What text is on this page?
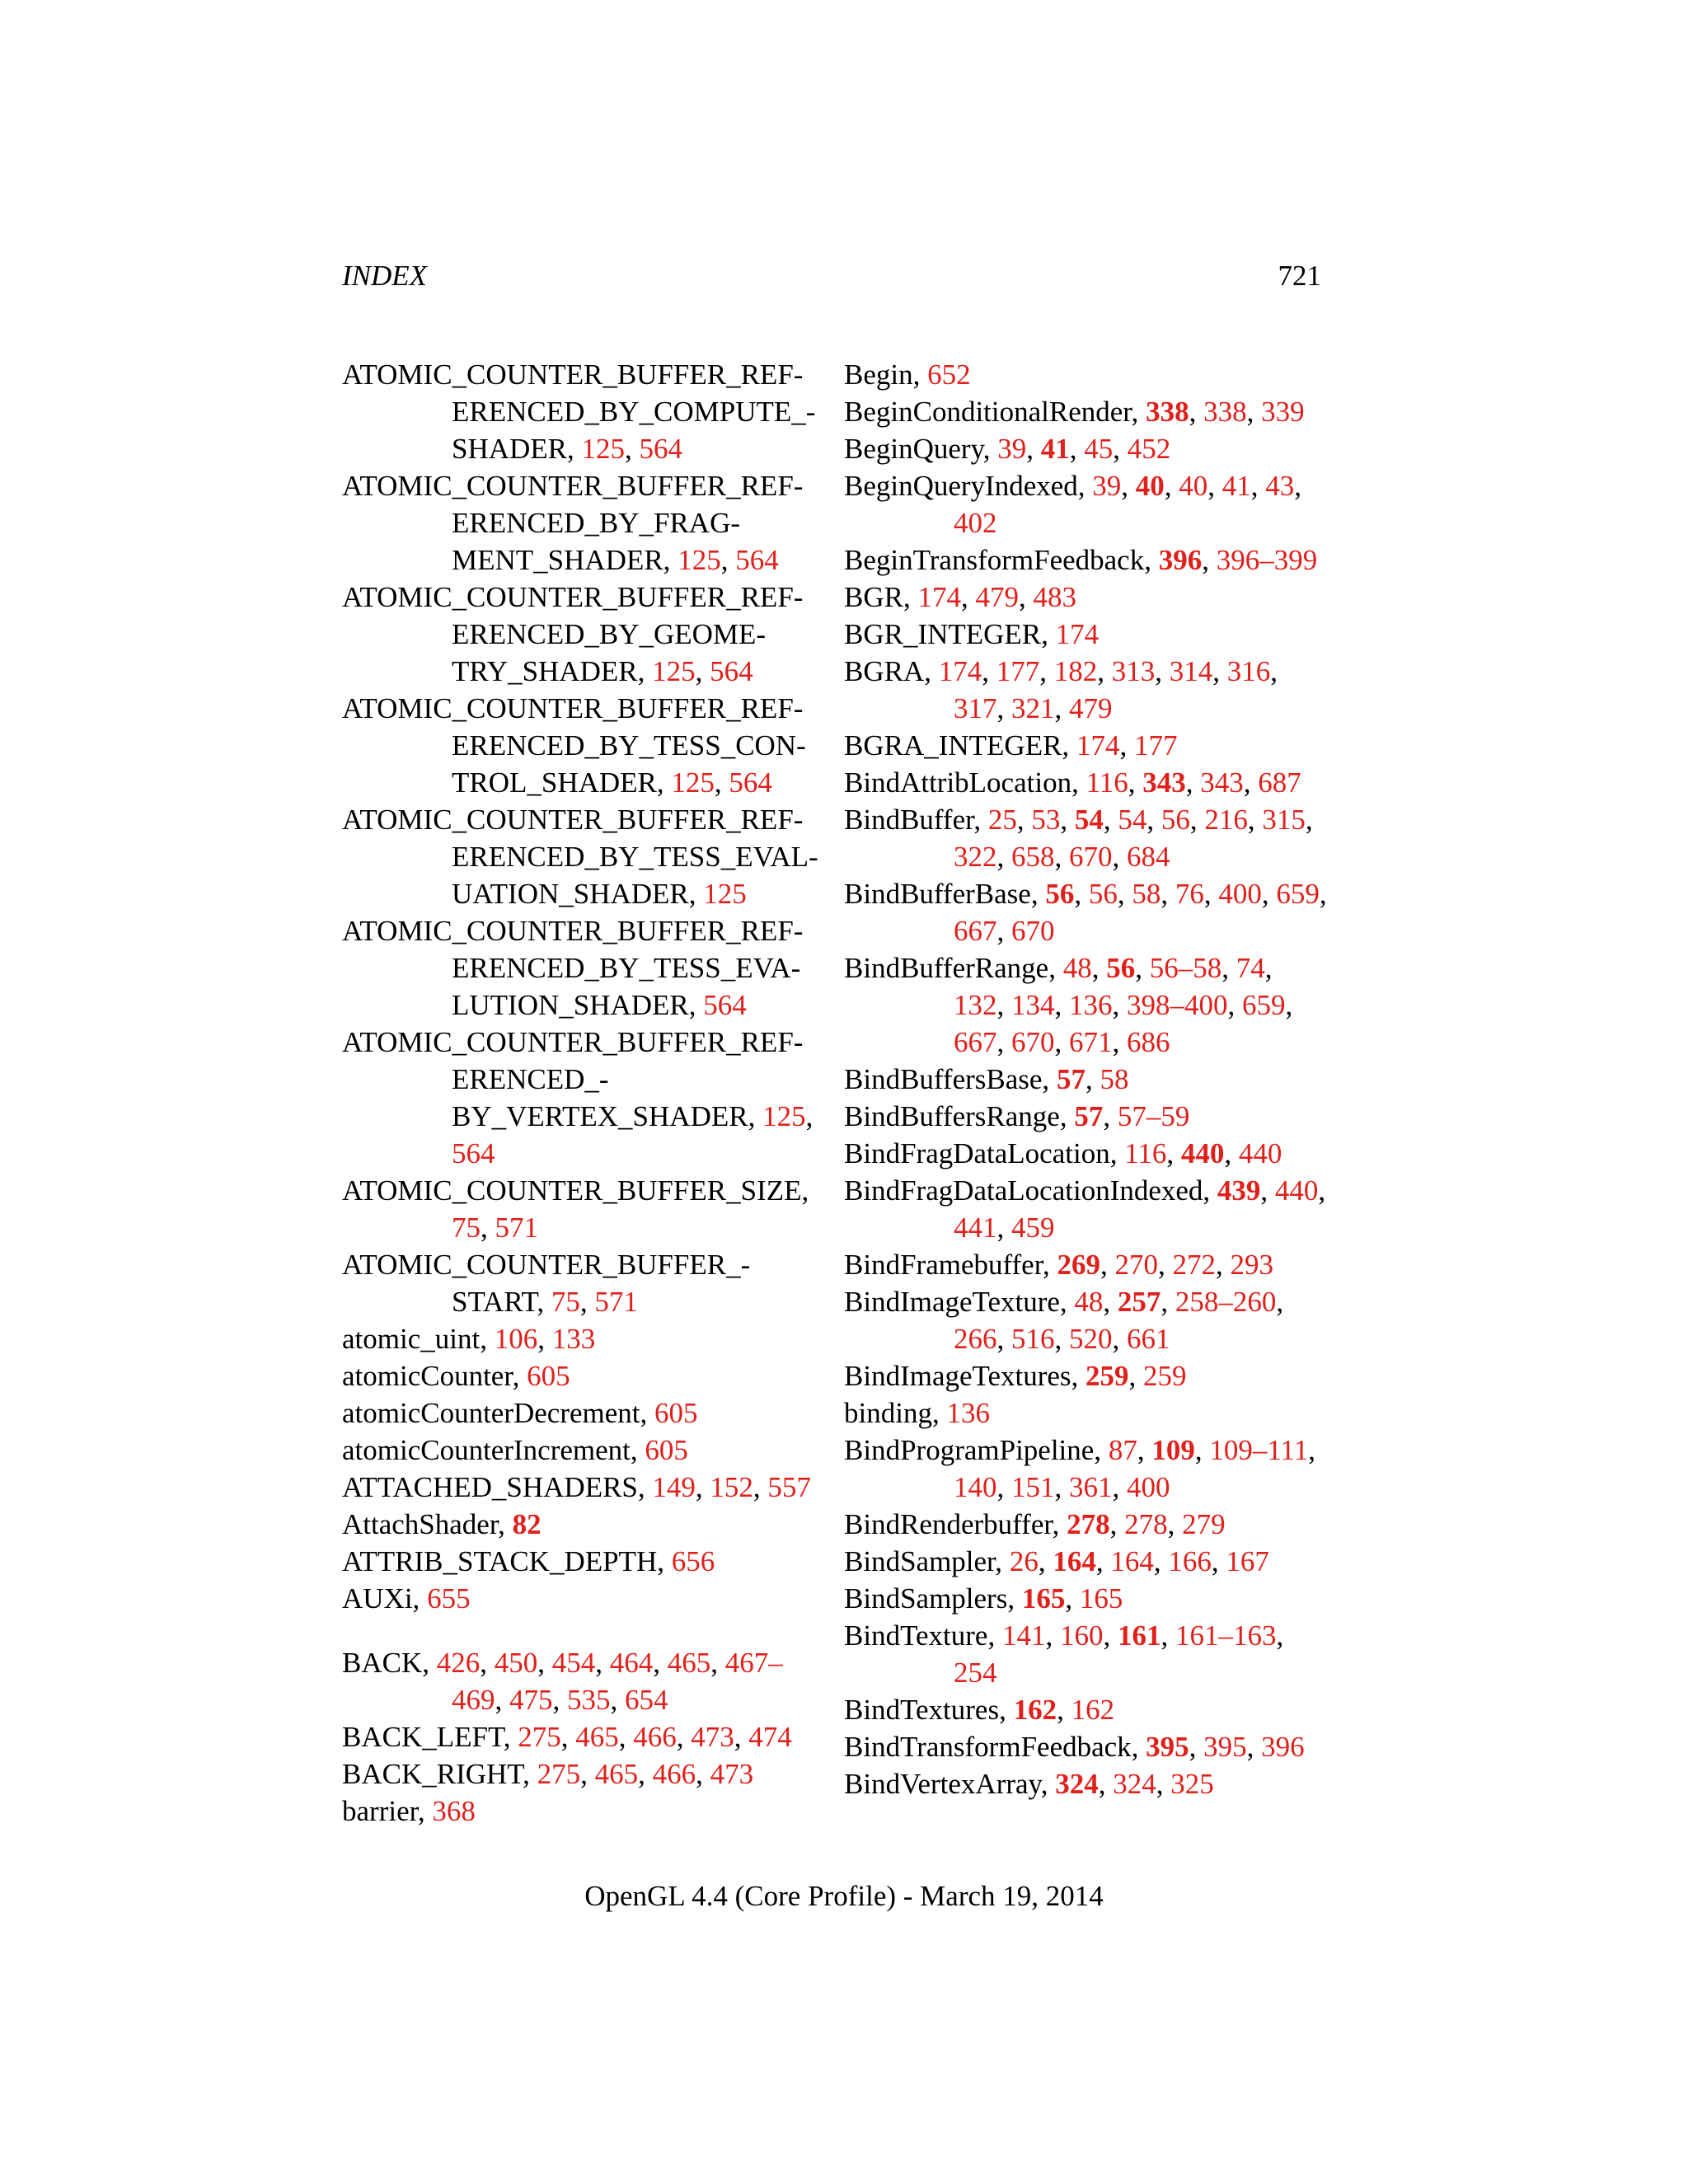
INDEX	721
ATOMIC_COUNTER_BUFFER_REF-
ERENCED_BY_COMPUTE_-
SHADER, 125, 564
ATOMIC_COUNTER_BUFFER_REF-
ERENCED_BY_FRAG-
MENT_SHADER, 125, 564
ATOMIC_COUNTER_BUFFER_REF-
ERENCED_BY_GEOME-
TRY_SHADER, 125, 564
ATOMIC_COUNTER_BUFFER_REF-
ERENCED_BY_TESS_CON-
TROL_SHADER, 125, 564
ATOMIC_COUNTER_BUFFER_REF-
ERENCED_BY_TESS_EVAL-
UATION_SHADER, 125
ATOMIC_COUNTER_BUFFER_REF-
ERENCED_BY_TESS_EVA-
LUTION_SHADER, 564
ATOMIC_COUNTER_BUFFER_REF-
ERENCED_-
BY_VERTEX_SHADER, 125, 564
ATOMIC_COUNTER_BUFFER_SIZE, 75, 571
ATOMIC_COUNTER_BUFFER_-
START, 75, 571
atomic_uint, 106, 133
atomicCounter, 605
atomicCounterDecrement, 605
atomicCounterIncrement, 605
ATTACHED_SHADERS, 149, 152, 557
AttachShader, 82
ATTRIB_STACK_DEPTH, 656
AUXi, 655
BACK, 426, 450, 454, 464, 465, 467–469, 475, 535, 654
BACK_LEFT, 275, 465, 466, 473, 474
BACK_RIGHT, 275, 465, 466, 473
barrier, 368
Begin, 652
BeginConditionalRender, 338, 338, 339
BeginQuery, 39, 41, 45, 452
BeginQueryIndexed, 39, 40, 40, 41, 43, 402
BeginTransformFeedback, 396, 396–399
BGR, 174, 479, 483
BGR_INTEGER, 174
BGRA, 174, 177, 182, 313, 314, 316, 317, 321, 479
BGRA_INTEGER, 174, 177
BindAttribLocation, 116, 343, 343, 687
BindBuffer, 25, 53, 54, 54, 56, 216, 315, 322, 658, 670, 684
BindBufferBase, 56, 56, 58, 76, 400, 659, 667, 670
BindBufferRange, 48, 56, 56–58, 74, 132, 134, 136, 398–400, 659, 667, 670, 671, 686
BindBuffersBase, 57, 58
BindBuffersRange, 57, 57–59
BindFragDataLocation, 116, 440, 440
BindFragDataLocationIndexed, 439, 440, 441, 459
BindFramebuffer, 269, 270, 272, 293
BindImageTexture, 48, 257, 258–260, 266, 516, 520, 661
BindImageTextures, 259, 259
binding, 136
BindProgramPipeline, 87, 109, 109–111, 140, 151, 361, 400
BindRenderbuffer, 278, 278, 279
BindSampler, 26, 164, 164, 166, 167
BindSamplers, 165, 165
BindTexture, 141, 160, 161, 161–163, 254
BindTextures, 162, 162
BindTransformFeedback, 395, 395, 396
BindVertexArray, 324, 324, 325
OpenGL 4.4 (Core Profile) - March 19, 2014
